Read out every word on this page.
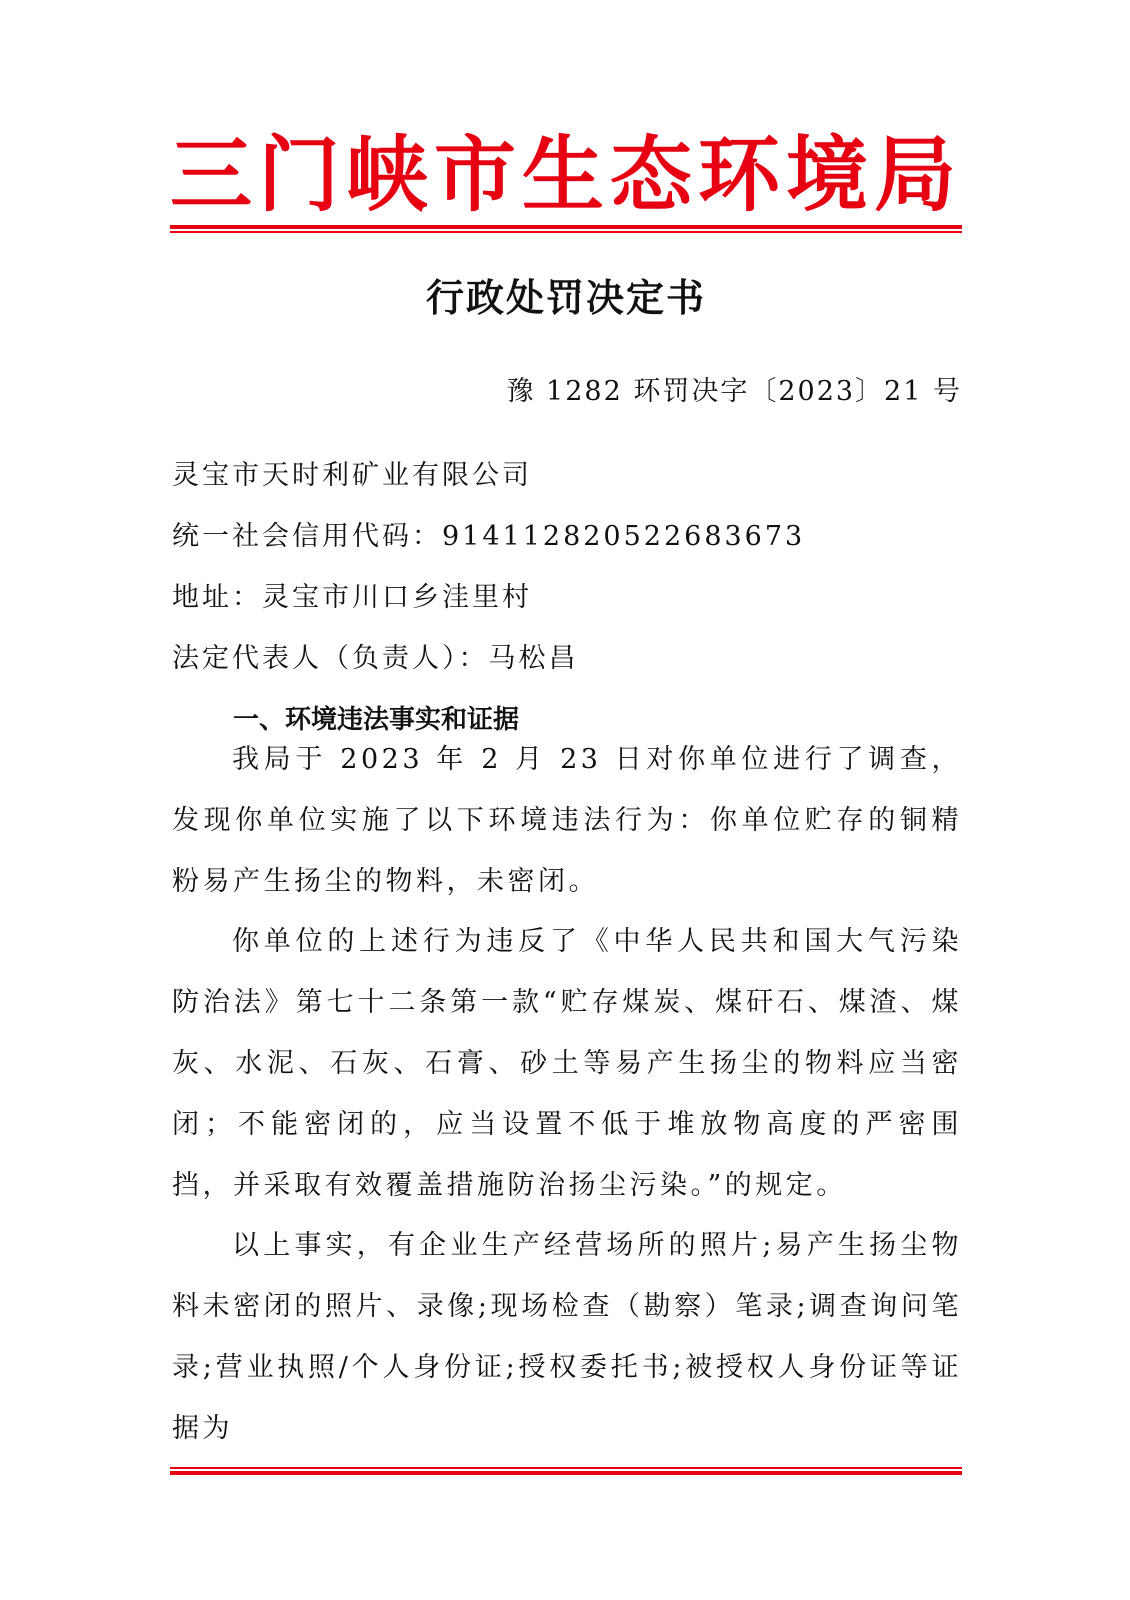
三门峡市生态环境局
行政处罚决定书
豫 1282 环罚决字〔2023〕21 号
灵宝市天时利矿业有限公司
统一社会信用代码：914112820522683673
地址：灵宝市川口乡洼里村
法定代表人（负责人）：马松昌
一、环境违法事实和证据

我局于 2023 年 2 月 23 日对你单位进行了调查，发现你单位实施了以下环境违法行为：你单位贮存的铜精粉易产生扬尘的物料，未密闭。

你单位的上述行为违反了《中华人民共和国大气污染防治法》第七十二条第一款“贮存煤炭、煤矸石、煤渣、煤灰、水泥、石灰、石膏、砂土等易产生扬尘的物料应当密闭；不能密闭的，应当设置不低于堆放物高度的严密围挡，并采取有效覆盖措施防治扬尘污染。”的规定。

以上事实，有企业生产经营场所的照片;易产生扬尘物料未密闭的照片、录像;现场检查（勘察）笔录;调查询问笔录;营业执照/个人身份证;授权委托书;被授权人身份证等证据为
